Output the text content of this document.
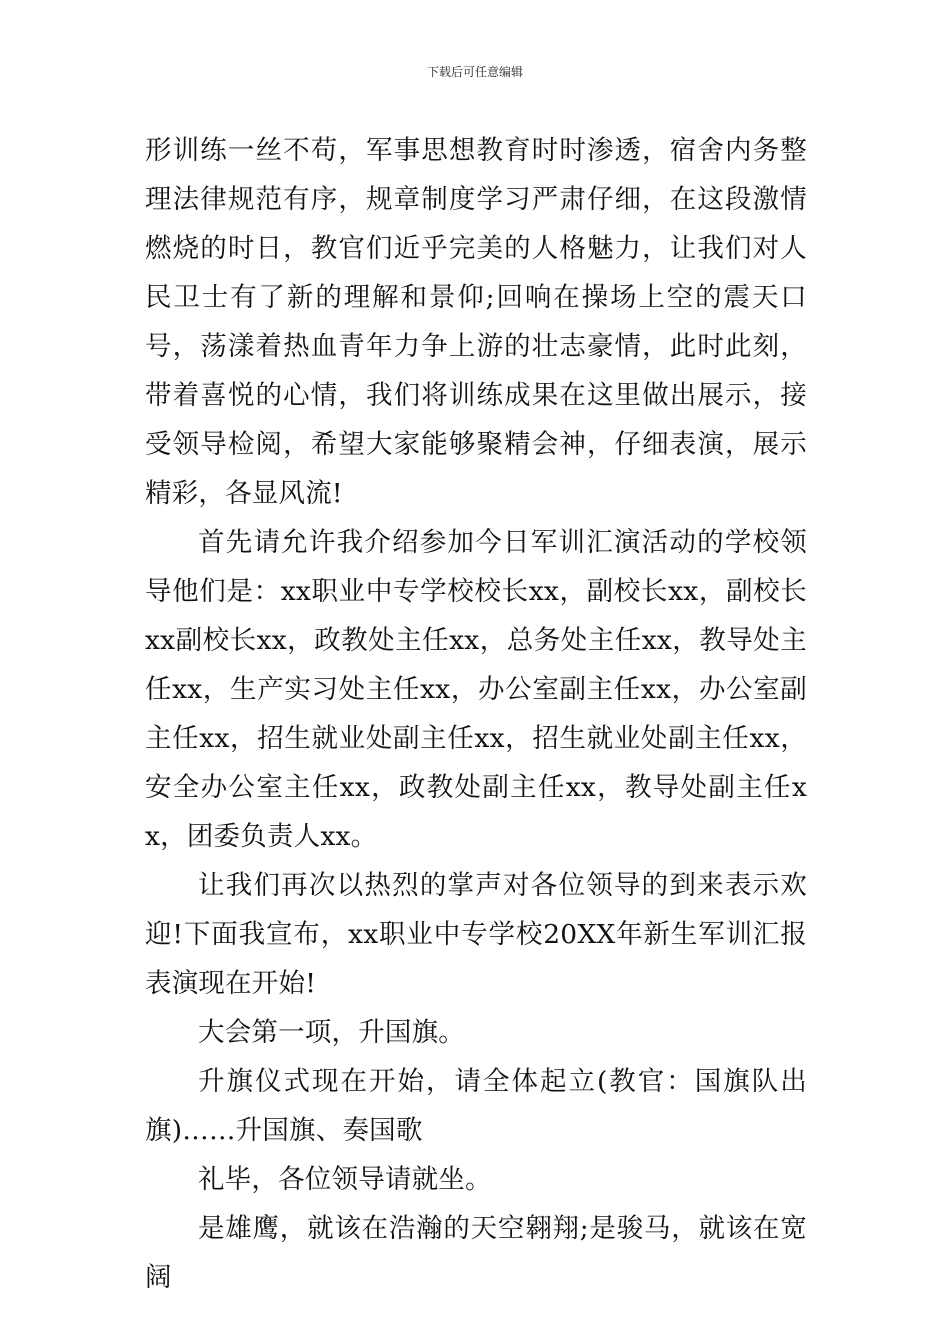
下载后可任意编辑

形训练一丝不苟，军事思想教育时时渗透，宿舍内务整理法律规范有序，规章制度学习严肃仔细，在这段激情燃烧的时日，教官们近乎完美的人格魅力，让我们对人民卫士有了新的理解和景仰;回响在操场上空的震天口号，荡漾着热血青年力争上游的壮志豪情，此时此刻，带着喜悦的心情，我们将训练成果在这里做出展示，接受领导检阅，希望大家能够聚精会神，仔细表演，展示精彩，各显风流!

首先请允许我介绍参加今日军训汇演活动的学校领导他们是：xx职业中专学校校长xx，副校长xx，副校长xx副校长xx，政教处主任xx，总务处主任xx，教导处主任xx，生产实习处主任xx，办公室副主任xx，办公室副主任xx，招生就业处副主任xx，招生就业处副主任xx，安全办公室主任xx，政教处副主任xx，教导处副主任xx，团委负责人xx。

让我们再次以热烈的掌声对各位领导的到来表示欢迎!下面我宣布，xx职业中专学校20XX年新生军训汇报表演现在开始!

大会第一项，升国旗。

升旗仪式现在开始，请全体起立(教官：国旗队出旗)……升国旗、奏国歌

礼毕，各位领导请就坐。

是雄鹰，就该在浩瀚的天空翱翔;是骏马，就该在宽阔
